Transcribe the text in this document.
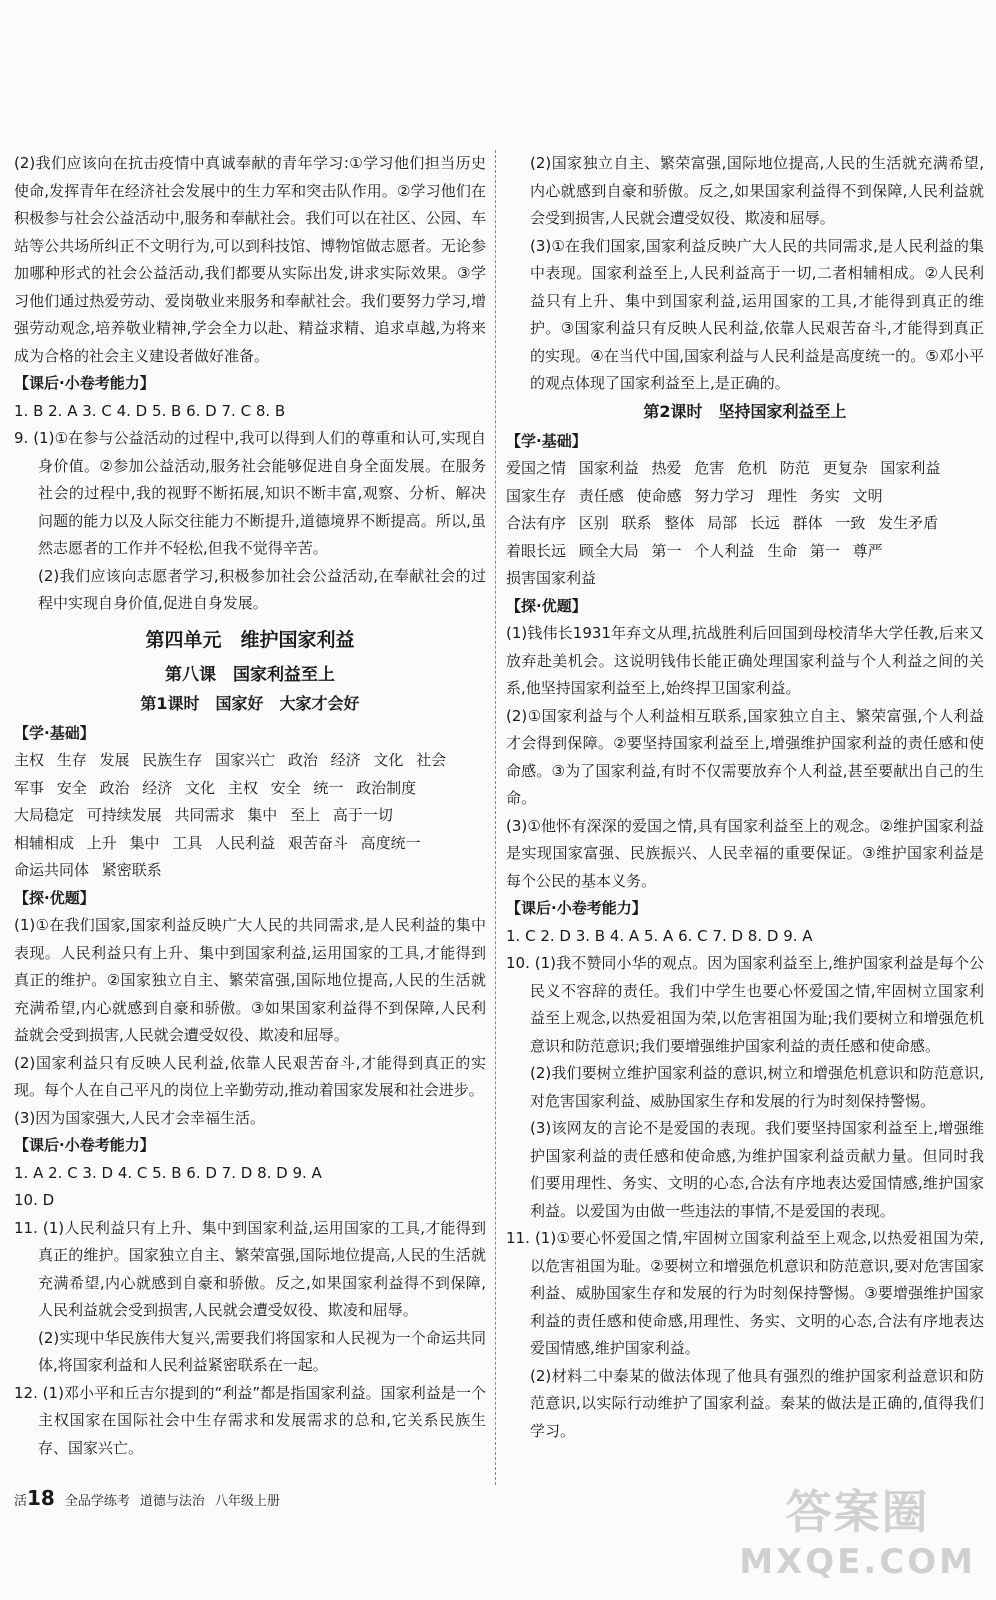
(2)我们应该向在抗击疫情中真诚奉献的青年学习:①学习他们担当历史使命,发挥青年在经济社会发展中的生力军和突击队作用。②学习他们在积极参与社会公益活动中,服务和奉献社会。我们可以在社区、公园、车站等公共场所纠正不文明行为,可以到科技馆、博物馆做志愿者。无论参加哪种形式的社会公益活动,我们都要从实际出发,讲求实际效果。③学习他们通过热爱劳动、爱岗敬业来服务和奉献社会。我们要努力学习,增强劳动观念,培养敬业精神,学会全力以赴、精益求精、追求卓越,为将来成为合格的社会主义建设者做好准备。
【课后·小卷考能力】
1. B 2. A 3. C 4. D 5. B 6. D 7. C 8. B
9. (1)①在参与公益活动的过程中,我可以得到人们的尊重和认可,实现自身价值。②参加公益活动,服务社会能够促进自身全面发展。在服务社会的过程中,我的视野不断拓展,知识不断丰富,观察、分析、解决问题的能力以及人际交往能力不断提升,道德境界不断提高。所以,虽然志愿者的工作并不轻松,但我不觉得辛苦。
(2)我们应该向志愿者学习,积极参加社会公益活动,在奉献社会的过程中实现自身价值,促进自身发展。
第四单元　维护国家利益
第八课　国家利益至上
第1课时　国家好　大家才会好
【学·基础】
主权 生存 发展 民族生存 国家兴亡 政治 经济 文化 社会
军事 安全 政治 经济 文化 主权 安全 统一 政治制度
大局稳定 可持续发展 共同需求 集中 至上 高于一切
相辅相成 上升 集中 工具 人民利益 艰苦奋斗 高度统一
命运共同体 紧密联系
【探·优题】
(1)①在我们国家,国家利益反映广大人民的共同需求,是人民利益的集中表现。人民利益只有上升、集中到国家利益,运用国家的工具,才能得到真正的维护。②国家独立自主、繁荣富强,国际地位提高,人民的生活就充满希望,内心就感到自豪和骄傲。③如果国家利益得不到保障,人民利益就会受到损害,人民就会遭受奴役、欺凌和屈辱。
(2)国家利益只有反映人民利益,依靠人民艰苦奋斗,才能得到真正的实现。每个人在自己平凡的岗位上辛勤劳动,推动着国家发展和社会进步。
(3)因为国家强大,人民才会幸福生活。
【课后·小卷考能力】
1. A 2. C 3. D 4. C 5. B 6. D 7. D 8. D 9. A
10. D
11. (1)人民利益只有上升、集中到国家利益,运用国家的工具,才能得到真正的维护。国家独立自主、繁荣富强,国际地位提高,人民的生活就充满希望,内心就感到自豪和骄傲。反之,如果国家利益得不到保障,人民利益就会受到损害,人民就会遭受奴役、欺凌和屈辱。
(2)实现中华民族伟大复兴,需要我们将国家和人民视为一个命运共同体,将国家利益和人民利益紧密联系在一起。
12. (1)邓小平和丘吉尔提到的“利益”都是指国家利益。国家利益是一个主权国家在国际社会中生存需求和发展需求的总和,它关系民族生存、国家兴亡。
(2)国家独立自主、繁荣富强,国际地位提高,人民的生活就充满希望,内心就感到自豪和骄傲。反之,如果国家利益得不到保障,人民利益就会受到损害,人民就会遭受奴役、欺凌和屈辱。
(3)①在我们国家,国家利益反映广大人民的共同需求,是人民利益的集中表现。国家利益至上,人民利益高于一切,二者相辅相成。②人民利益只有上升、集中到国家利益,运用国家的工具,才能得到真正的维护。③国家利益只有反映人民利益,依靠人民艰苦奋斗,才能得到真正的实现。④在当代中国,国家利益与人民利益是高度统一的。⑤邓小平的观点体现了国家利益至上,是正确的。
第2课时　坚持国家利益至上
【学·基础】
爱国之情 国家利益 热爱 危害 危机 防范 更复杂 国家利益
国家生存 责任感 使命感 努力学习 理性 务实 文明
合法有序 区别 联系 整体 局部 长远 群体 一致 发生矛盾
着眼长远 顾全大局 第一 个人利益 生命 第一 尊严
损害国家利益
【探·优题】
(1)钱伟长1931年弃文从理,抗战胜利后回国到母校清华大学任教,后来又放弃赴美机会。这说明钱伟长能正确处理国家利益与个人利益之间的关系,他坚持国家利益至上,始终捍卫国家利益。
(2)①国家利益与个人利益相互联系,国家独立自主、繁荣富强,个人利益才会得到保障。②要坚持国家利益至上,增强维护国家利益的责任感和使命感。③为了国家利益,有时不仅需要放弃个人利益,甚至要献出自己的生命。
(3)①他怀有深深的爱国之情,具有国家利益至上的观念。②维护国家利益是实现国家富强、民族振兴、人民幸福的重要保证。③维护国家利益是每个公民的基本义务。
【课后·小卷考能力】
1. C 2. D 3. B 4. A 5. A 6. C 7. D 8. D 9. A
10. (1)我不赞同小华的观点。因为国家利益至上,维护国家利益是每个公民义不容辞的责任。我们中学生也要心怀爱国之情,牢固树立国家利益至上观念,以热爱祖国为荣,以危害祖国为耻;我们要树立和增强危机意识和防范意识;我们要增强维护国家利益的责任感和使命感。
(2)我们要树立维护国家利益的意识,树立和增强危机意识和防范意识,对危害国家利益、威胁国家生存和发展的行为时刻保持警惕。
(3)该网友的言论不是爱国的表现。我们要坚持国家利益至上,增强维护国家利益的责任感和使命感,为维护国家利益贡献力量。但同时我们要用理性、务实、文明的心态,合法有序地表达爱国情感,维护国家利益。以爱国为由做一些违法的事情,不是爱国的表现。
11. (1)①要心怀爱国之情,牢固树立国家利益至上观念,以热爱祖国为荣,以危害祖国为耻。②要树立和增强危机意识和防范意识,要对危害国家利益、威胁国家生存和发展的行为时刻保持警惕。③要增强维护国家利益的责任感和使命感,用理性、务实、文明的心态,合法有序地表达爱国情感,维护国家利益。
(2)材料二中秦某的做法体现了他具有强烈的维护国家利益意识和防范意识,以实际行动维护了国家利益。秦某的做法是正确的,值得我们学习。
活18 全品学练考 道德与法治 八年级上册	答案圈
MXQE.COM
